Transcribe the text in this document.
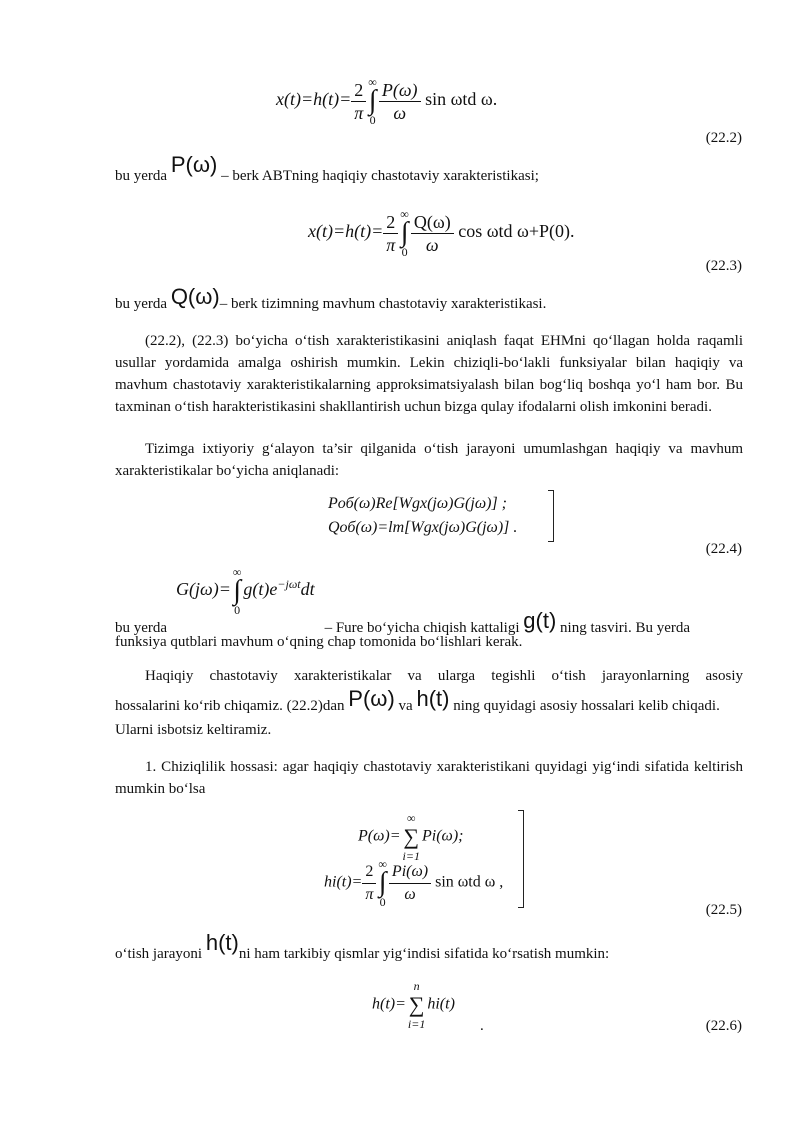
$x(t)=h(t)= \frac{2}{\pi}$ ∞
∫
$0 \frac{P(\omega)}{\omega}$ sin ωtd ω.
(22.2)
bu yerda P(ω) – berk ABTning haqiqiy chastotaviy xarakteristikasi;
$x(t)=h(t)= \frac{2}{\pi}$ ∞
∫
$0 \frac{Q(\omega)}{\omega}$ cos ωtd ω+P(0).
(22.3)
bu yerda Q(ω)– berk tizimning mavhum chastotaviy xarakteristikasi.
(22.2), (22.3) bo‘yicha o‘tish xarakteristikasini aniqlash faqat EHMni qo‘llagan holda raqamli usullar yordamida amalga oshirish mumkin. Lekin chiziqli-bo‘lakli funksiyalar bilan haqiqiy va mavhum chastotaviy xarakteristikalarning approksimatsiyalash bilan bog‘liq boshqa yo‘l ham bor. Bu taxminan o‘tish harakteristikasini shakllantirish uchun bizga qulay ifodalarni olish imkonini beradi.
Tizimga ixtiyoriy g‘alayon ta’sir qilganida o‘tish jarayoni umumlashgan haqiqiy va mavhum xarakteristikalar bo‘yicha aniqlanadi:
Pоб(ω)Re[Wgx(jω)G(jω)] ;
Qоб(ω)=lm[Wgx(jω)G(jω)] .
(22.4)
G(jω)=∞
∫
$0g(t)e^{-j\omega t}dt$
bu yerda	– Fure bo‘yicha chiqish kattaligi g(t) ning tasviri. Bu yerda
funksiya qutblari mavhum o‘qning chap tomonida bo‘lishlari kerak.
Haqiqiy chastotaviy xarakteristikalar va ularga tegishli o‘tish jarayonlarning asosiy
hossalarini ko‘rib chiqamiz. (22.2)dan P(ω) va h(t) ning quyidagi asosiy hossalari kelib chiqadi.
Ularni isbotsiz keltiramiz.
1. Chiziqlilik hossasi: agar haqiqiy chastotaviy xarakteristikani quyidagi yig‘indi sifatida keltirish mumkin bo‘lsa
P(ω)=∞
∑
i=1Pi(ω);
$hi(t)= \frac{2}{\pi}$ ∞
∫
$0 \frac{Pi(\omega)}{\omega}$ sin ωtd ω ,
(22.5)
o‘tish jarayoni h(t)ni ham tarkibiy qismlar yig‘indisi sifatida ko‘rsatish mumkin:
h(t)=n
∑
i=1hi(t)
.	(22.6)
